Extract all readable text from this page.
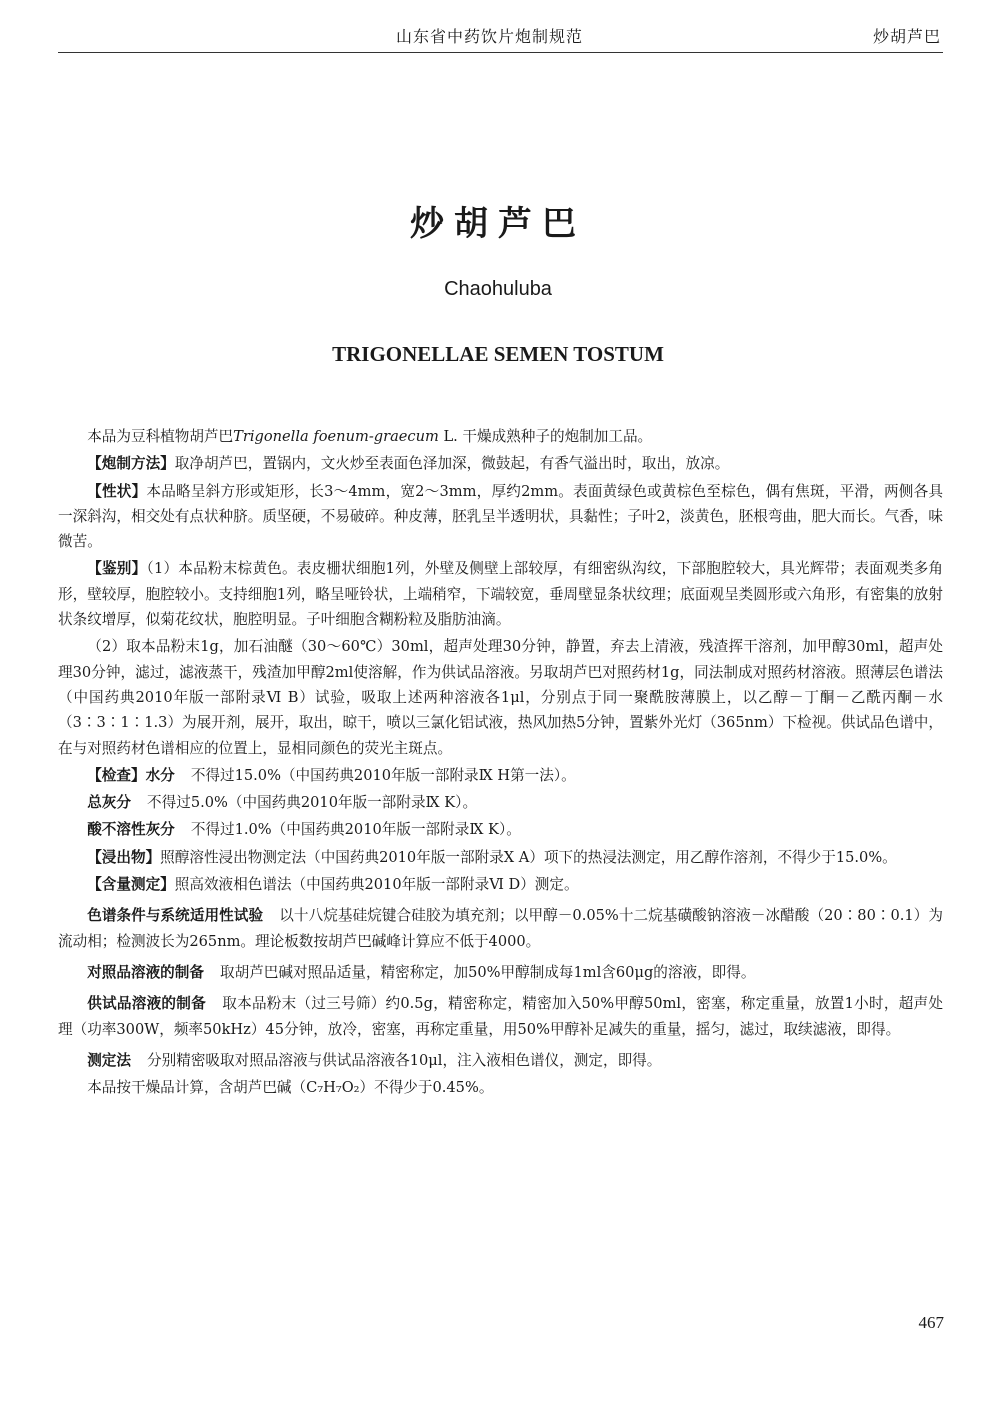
山东省中药饮片炮制规范	炒胡芦巴
炒胡芦巴
Chaohuluba
TRIGONELLAE SEMEN TOSTUM

本品为豆科植物胡芦巴Trigonella foenum-graecum L. 干燥成熟种子的炮制加工品。

【炮制方法】取净胡芦巴，置锅内，文火炒至表面色泽加深，微鼓起，有香气溢出时，取出，放凉。

【性状】本品略呈斜方形或矩形，长3～4mm，宽2～3mm，厚约2mm。表面黄绿色或黄棕色至棕色，偶有焦斑，平滑，两侧各具一深斜沟，相交处有点状种脐。质坚硬，不易破碎。种皮薄，胚乳呈半透明状，具黏性；子叶2，淡黄色，胚根弯曲，肥大而长。气香，味微苦。

【鉴别】（1）本品粉末棕黄色。表皮栅状细胞1列，外壁及侧壁上部较厚，有细密纵沟纹，下部胞腔较大，具光辉带；表面观类多角形，壁较厚，胞腔较小。支持细胞1列，略呈哑铃状，上端稍窄，下端较宽，垂周壁显条状纹理；底面观呈类圆形或六角形，有密集的放射状条纹增厚，似菊花纹状，胞腔明显。子叶细胞含糊粉粒及脂肪油滴。

（2）取本品粉末1g，加石油醚（30～60℃）30ml，超声处理30分钟，静置，弃去上清液，残渣挥干溶剂，加甲醇30ml，超声处理30分钟，滤过，滤液蒸干，残渣加甲醇2ml使溶解，作为供试品溶液。另取胡芦巴对照药材1g，同法制成对照药材溶液。照薄层色谱法（中国药典2010年版一部附录Ⅵ B）试验，吸取上述两种溶液各1μl，分别点于同一聚酰胺薄膜上，以乙醇－丁酮－乙酰丙酮－水（3∶3∶1∶1.3）为展开剂，展开，取出，晾干，喷以三氯化铝试液，热风加热5分钟，置紫外光灯（365nm）下检视。供试品色谱中，在与对照药材色谱相应的位置上，显相同颜色的荧光主斑点。

【检查】水分 不得过15.0%（中国药典2010年版一部附录Ⅸ H第一法）。

总灰分 不得过5.0%（中国药典2010年版一部附录Ⅸ K）。

酸不溶性灰分 不得过1.0%（中国药典2010年版一部附录Ⅸ K）。

【浸出物】照醇溶性浸出物测定法（中国药典2010年版一部附录Ⅹ A）项下的热浸法测定，用乙醇作溶剂，不得少于15.0%。

【含量测定】照高效液相色谱法（中国药典2010年版一部附录Ⅵ D）测定。

色谱条件与系统适用性试验 以十八烷基硅烷键合硅胶为填充剂；以甲醇－0.05%十二烷基磺酸钠溶液－冰醋酸（20∶80∶0.1）为流动相；检测波长为265nm。理论板数按胡芦巴碱峰计算应不低于4000。

对照品溶液的制备 取胡芦巴碱对照品适量，精密称定，加50%甲醇制成每1ml含60μg的溶液，即得。

供试品溶液的制备 取本品粉末（过三号筛）约0.5g，精密称定，精密加入50%甲醇50ml，密塞，称定重量，放置1小时，超声处理（功率300W，频率50kHz）45分钟，放冷，密塞，再称定重量，用50%甲醇补足减失的重量，摇匀，滤过，取续滤液，即得。

测定法 分别精密吸取对照品溶液与供试品溶液各10μl，注入液相色谱仪，测定，即得。

本品按干燥品计算，含胡芦巴碱（C₇H₇O₂）不得少于0.45%。

467
